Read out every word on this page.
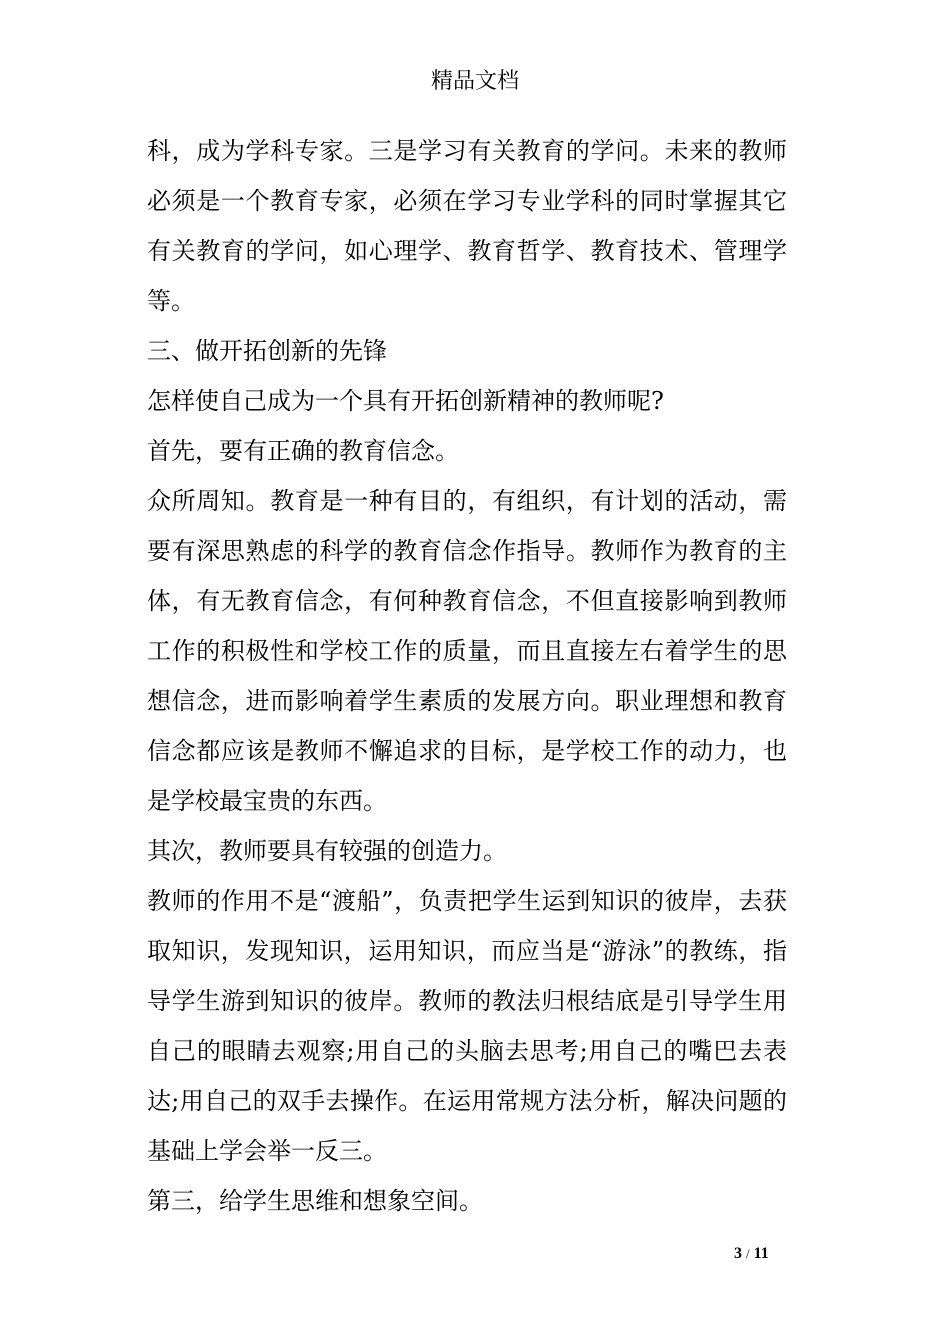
精品文档

科，成为学科专家。三是学习有关教育的学问。未来的教师必须是一个教育专家，必须在学习专业学科的同时掌握其它有关教育的学问，如心理学、教育哲学、教育技术、管理学等。

三、做开拓创新的先锋

怎样使自己成为一个具有开拓创新精神的教师呢?

首先，要有正确的教育信念。

众所周知。教育是一种有目的，有组织，有计划的活动，需要有深思熟虑的科学的教育信念作指导。教师作为教育的主体，有无教育信念，有何种教育信念，不但直接影响到教师工作的积极性和学校工作的质量，而且直接左右着学生的思想信念，进而影响着学生素质的发展方向。职业理想和教育信念都应该是教师不懈追求的目标，是学校工作的动力，也是学校最宝贵的东西。

其次，教师要具有较强的创造力。

教师的作用不是“渡船”，负责把学生运到知识的彼岸，去获取知识，发现知识，运用知识，而应当是“游泳”的教练，指导学生游到知识的彼岸。教师的教法归根结底是引导学生用自己的眼睛去观察;用自己的头脑去思考;用自己的嘴巴去表达;用自己的双手去操作。在运用常规方法分析，解决问题的基础上学会举一反三。

第三，给学生思维和想象空间。

3 / 11
